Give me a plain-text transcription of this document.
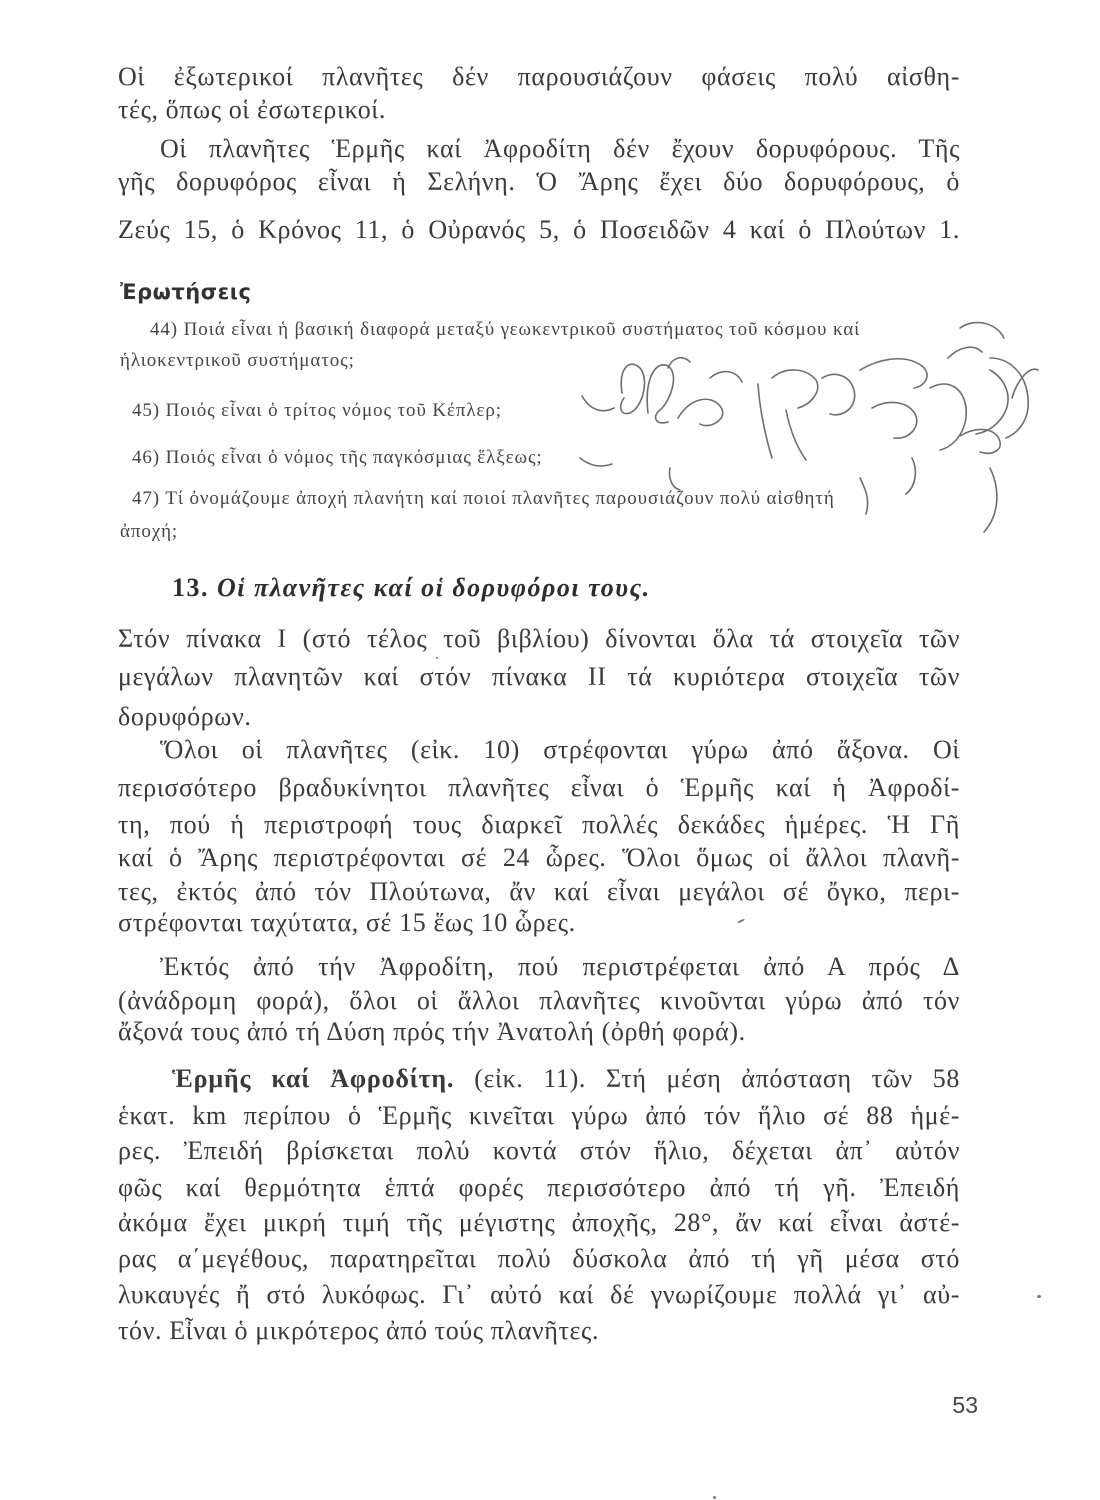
Οἱ ἐξωτερικοί πλανῆτες δέν παρουσιάζουν φάσεις πολύ αἰσθη-
τές, ὅπως οἱ ἐσωτερικοί.
Οἱ πλανῆτες Ἑρμῆς καί Ἀφροδίτη δέν ἔχουν δορυφόρους. Τῆς
γῆς δορυφόρος εἶναι ἡ Σελήνη. Ὁ Ἄρης ἔχει δύο δορυφόρους, ὁ
Ζεύς 15, ὁ Κρόνος 11, ὁ Οὐρανός 5, ὁ Ποσειδῶν 4 καί ὁ Πλούτων 1.
Ἐρωτήσεις
44) Ποιά εἶναι ἡ βασική διαφορά μεταξύ γεωκεντρικοῦ συστήματος τοῦ κόσμου καί
ἡλιοκεντρικοῦ συστήματος;
45) Ποιός εἶναι ὁ τρίτος νόμος τοῦ Κέπλερ;
46) Ποιός εἶναι ὁ νόμος τῆς παγκόσμιας ἕλξεως;
47) Τί ὀνομάζουμε ἀποχή πλανήτη καί ποιοί πλανῆτες παρουσιάζουν πολύ αἰσθητή
ἀποχή;
13. Οἱ πλανῆτες καί οἱ δορυφόροι τους.
Στόν πίνακα Ι (στό τέλος τοῦ βιβλίου) δίνονται ὅλα τά στοιχεῖα τῶν
μεγάλων πλανητῶν καί στόν πίνακα ΙΙ τά κυριότερα στοιχεῖα τῶν
δορυφόρων.
Ὅλοι οἱ πλανῆτες (εἰκ. 10) στρέφονται γύρω ἀπό ἄξονα. Οἱ
περισσότερο βραδυκίνητοι πλανῆτες εἶναι ὁ Ἑρμῆς καί ἡ Ἀφροδί-
τη, πού ἡ περιστροφή τους διαρκεῖ πολλές δεκάδες ἡμέρες. Ἡ Γῆ
καί ὁ Ἄρης περιστρέφονται σέ 24 ὧρες. Ὅλοι ὅμως οἱ ἄλλοι πλανῆ-
τες, ἐκτός ἀπό τόν Πλούτωνα, ἄν καί εἶναι μεγάλοι σέ ὄγκο, περι-
στρέφονται ταχύτατα, σέ 15 ἕως 10 ὧρες.
Ἐκτός ἀπό τήν Ἀφροδίτη, πού περιστρέφεται ἀπό Α πρός Δ
(ἀνάδρομη φορά), ὅλοι οἱ ἄλλοι πλανῆτες κινοῦνται γύρω ἀπό τόν
ἄξονά τους ἀπό τή Δύση πρός τήν Ἀνατολή (ὀρθή φορά).
Ἑρμῆς καί Ἀφροδίτη. (εἰκ. 11). Στή μέση ἀπόσταση τῶν 58
ἑκατ. km περίπου ὁ Ἑρμῆς κινεῖται γύρω ἀπό τόν ἥλιο σέ 88 ἡμέ-
ρες. Ἐπειδή βρίσκεται πολύ κοντά στόν ἥλιο, δέχεται ἀπ᾽ αὐτόν
φῶς καί θερμότητα ἑπτά φορές περισσότερο ἀπό τή γῆ. Ἐπειδή
ἀκόμα ἔχει μικρή τιμή τῆς μέγιστης ἀποχῆς, 28°, ἄν καί εἶναι ἀστέ-
ρας α΄μεγέθους, παρατηρεῖται πολύ δύσκολα ἀπό τή γῆ μέσα στό
λυκαυγές ἤ στό λυκόφως. Γι᾽ αὐτό καί δέ γνωρίζουμε πολλά γι᾽ αὐ-
τόν. Εἶναι ὁ μικρότερος ἀπό τούς πλανῆτες.
53
